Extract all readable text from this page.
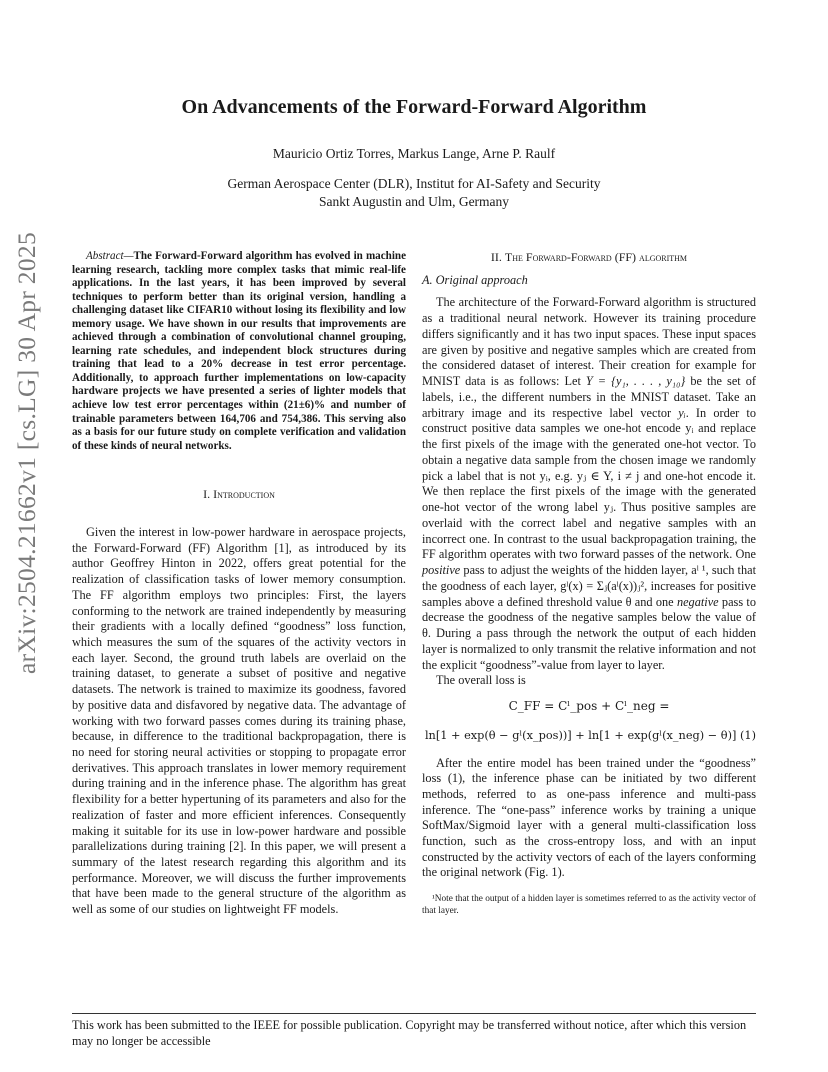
arXiv:2504.21662v1 [cs.LG] 30 Apr 2025
On Advancements of the Forward-Forward Algorithm
Mauricio Ortiz Torres, Markus Lange, Arne P. Raulf
German Aerospace Center (DLR), Institut for AI-Safety and Security
Sankt Augustin and Ulm, Germany

Abstract—The Forward-Forward algorithm has evolved in machine learning research, tackling more complex tasks that mimic real-life applications. In the last years, it has been improved by several techniques to perform better than its original version, handling a challenging dataset like CIFAR10 without losing its flexibility and low memory usage. We have shown in our results that improvements are achieved through a combination of convolutional channel grouping, learning rate schedules, and independent block structures during training that lead to a 20% decrease in test error percentage. Additionally, to approach further implementations on low-capacity hardware projects we have presented a series of lighter models that achieve low test error percentages within (21±6)% and number of trainable parameters between 164,706 and 754,386. This serving also as a basis for our future study on complete verification and validation of these kinds of neural networks.

I. Introduction

Given the interest in low-power hardware in aerospace projects, the Forward-Forward (FF) Algorithm [1], as introduced by its author Geoffrey Hinton in 2022, offers great potential for the realization of classification tasks of lower memory consumption. The FF algorithm employs two principles: First, the layers conforming to the network are trained independently by measuring their gradients with a locally defined “goodness” loss function, which measures the sum of the squares of the activity vectors in each layer. Second, the ground truth labels are overlaid on the training dataset, to generate a subset of positive and negative datasets. The network is trained to maximize its goodness, favored by positive data and disfavored by negative data. The advantage of working with two forward passes comes during its training phase, because, in difference to the traditional backpropagation, there is no need for storing neural activities or stopping to propagate error derivatives. This approach translates in lower memory requirement during training and in the inference phase. The algorithm has great flexibility for a better hypertuning of its parameters and also for the realization of faster and more efficient inferences. Consequently making it suitable for its use in low-power hardware and possible parallelizations during training [2]. In this paper, we will present a summary of the latest research regarding this algorithm and its performance. Moreover, we will discuss the further improvements that have been made to the general structure of the algorithm as well as some of our studies on lightweight FF models.

II. The Forward-Forward (FF) algorithm

A. Original approach

The architecture of the Forward-Forward algorithm is structured as a traditional neural network. However its training procedure differs significantly and it has two input spaces. These input spaces are given by positive and negative samples which are created from the considered dataset of interest. Their creation for example for MNIST data is as follows: Let Y = {y₁, . . . , y₁₀} be the set of labels, i.e., the different numbers in the MNIST dataset. Take an arbitrary image and its respective label vector yᵢ. In order to construct positive data samples we one-hot encode yᵢ and replace the first pixels of the image with the generated one-hot vector. To obtain a negative data sample from the chosen image we randomly pick a label that is not yᵢ, e.g. yⱼ ∈ Y, i ≠ j and one-hot encode it. We then replace the first pixels of the image with the generated one-hot vector of the wrong label yⱼ. Thus positive samples are overlaid with the correct label and negative samples with an incorrect one. In contrast to the usual backpropagation training, the FF algorithm operates with two forward passes of the network. One positive pass to adjust the weights of the hidden layer, aˡ ¹, such that the goodness of each layer, gˡ(x) = Σⱼ(aˡ(x))ⱼ², increases for positive samples above a defined threshold value θ and one negative pass to decrease the goodness of the negative samples below the value of θ. During a pass through the network the output of each hidden layer is normalized to only transmit the relative information and not the explicit “goodness”-value from layer to layer.

The overall loss is

C_FF = Cˡ_pos + Cˡ_neg =

ln[1 + exp(θ − gˡ(x_pos))] + ln[1 + exp(gˡ(x_neg) − θ)] (1)

After the entire model has been trained under the “goodness” loss (1), the inference phase can be initiated by two different methods, referred to as one-pass inference and multi-pass inference. The “one-pass” inference works by training a unique SoftMax/Sigmoid layer with a general multi-classification loss function, such as the cross-entropy loss, and with an input constructed by the activity vectors of each of the layers conforming the original network (Fig. 1).

¹Note that the output of a hidden layer is sometimes referred to as the activity vector of that layer.

This work has been submitted to the IEEE for possible publication. Copyright may be transferred without notice, after which this version may no longer be accessible
